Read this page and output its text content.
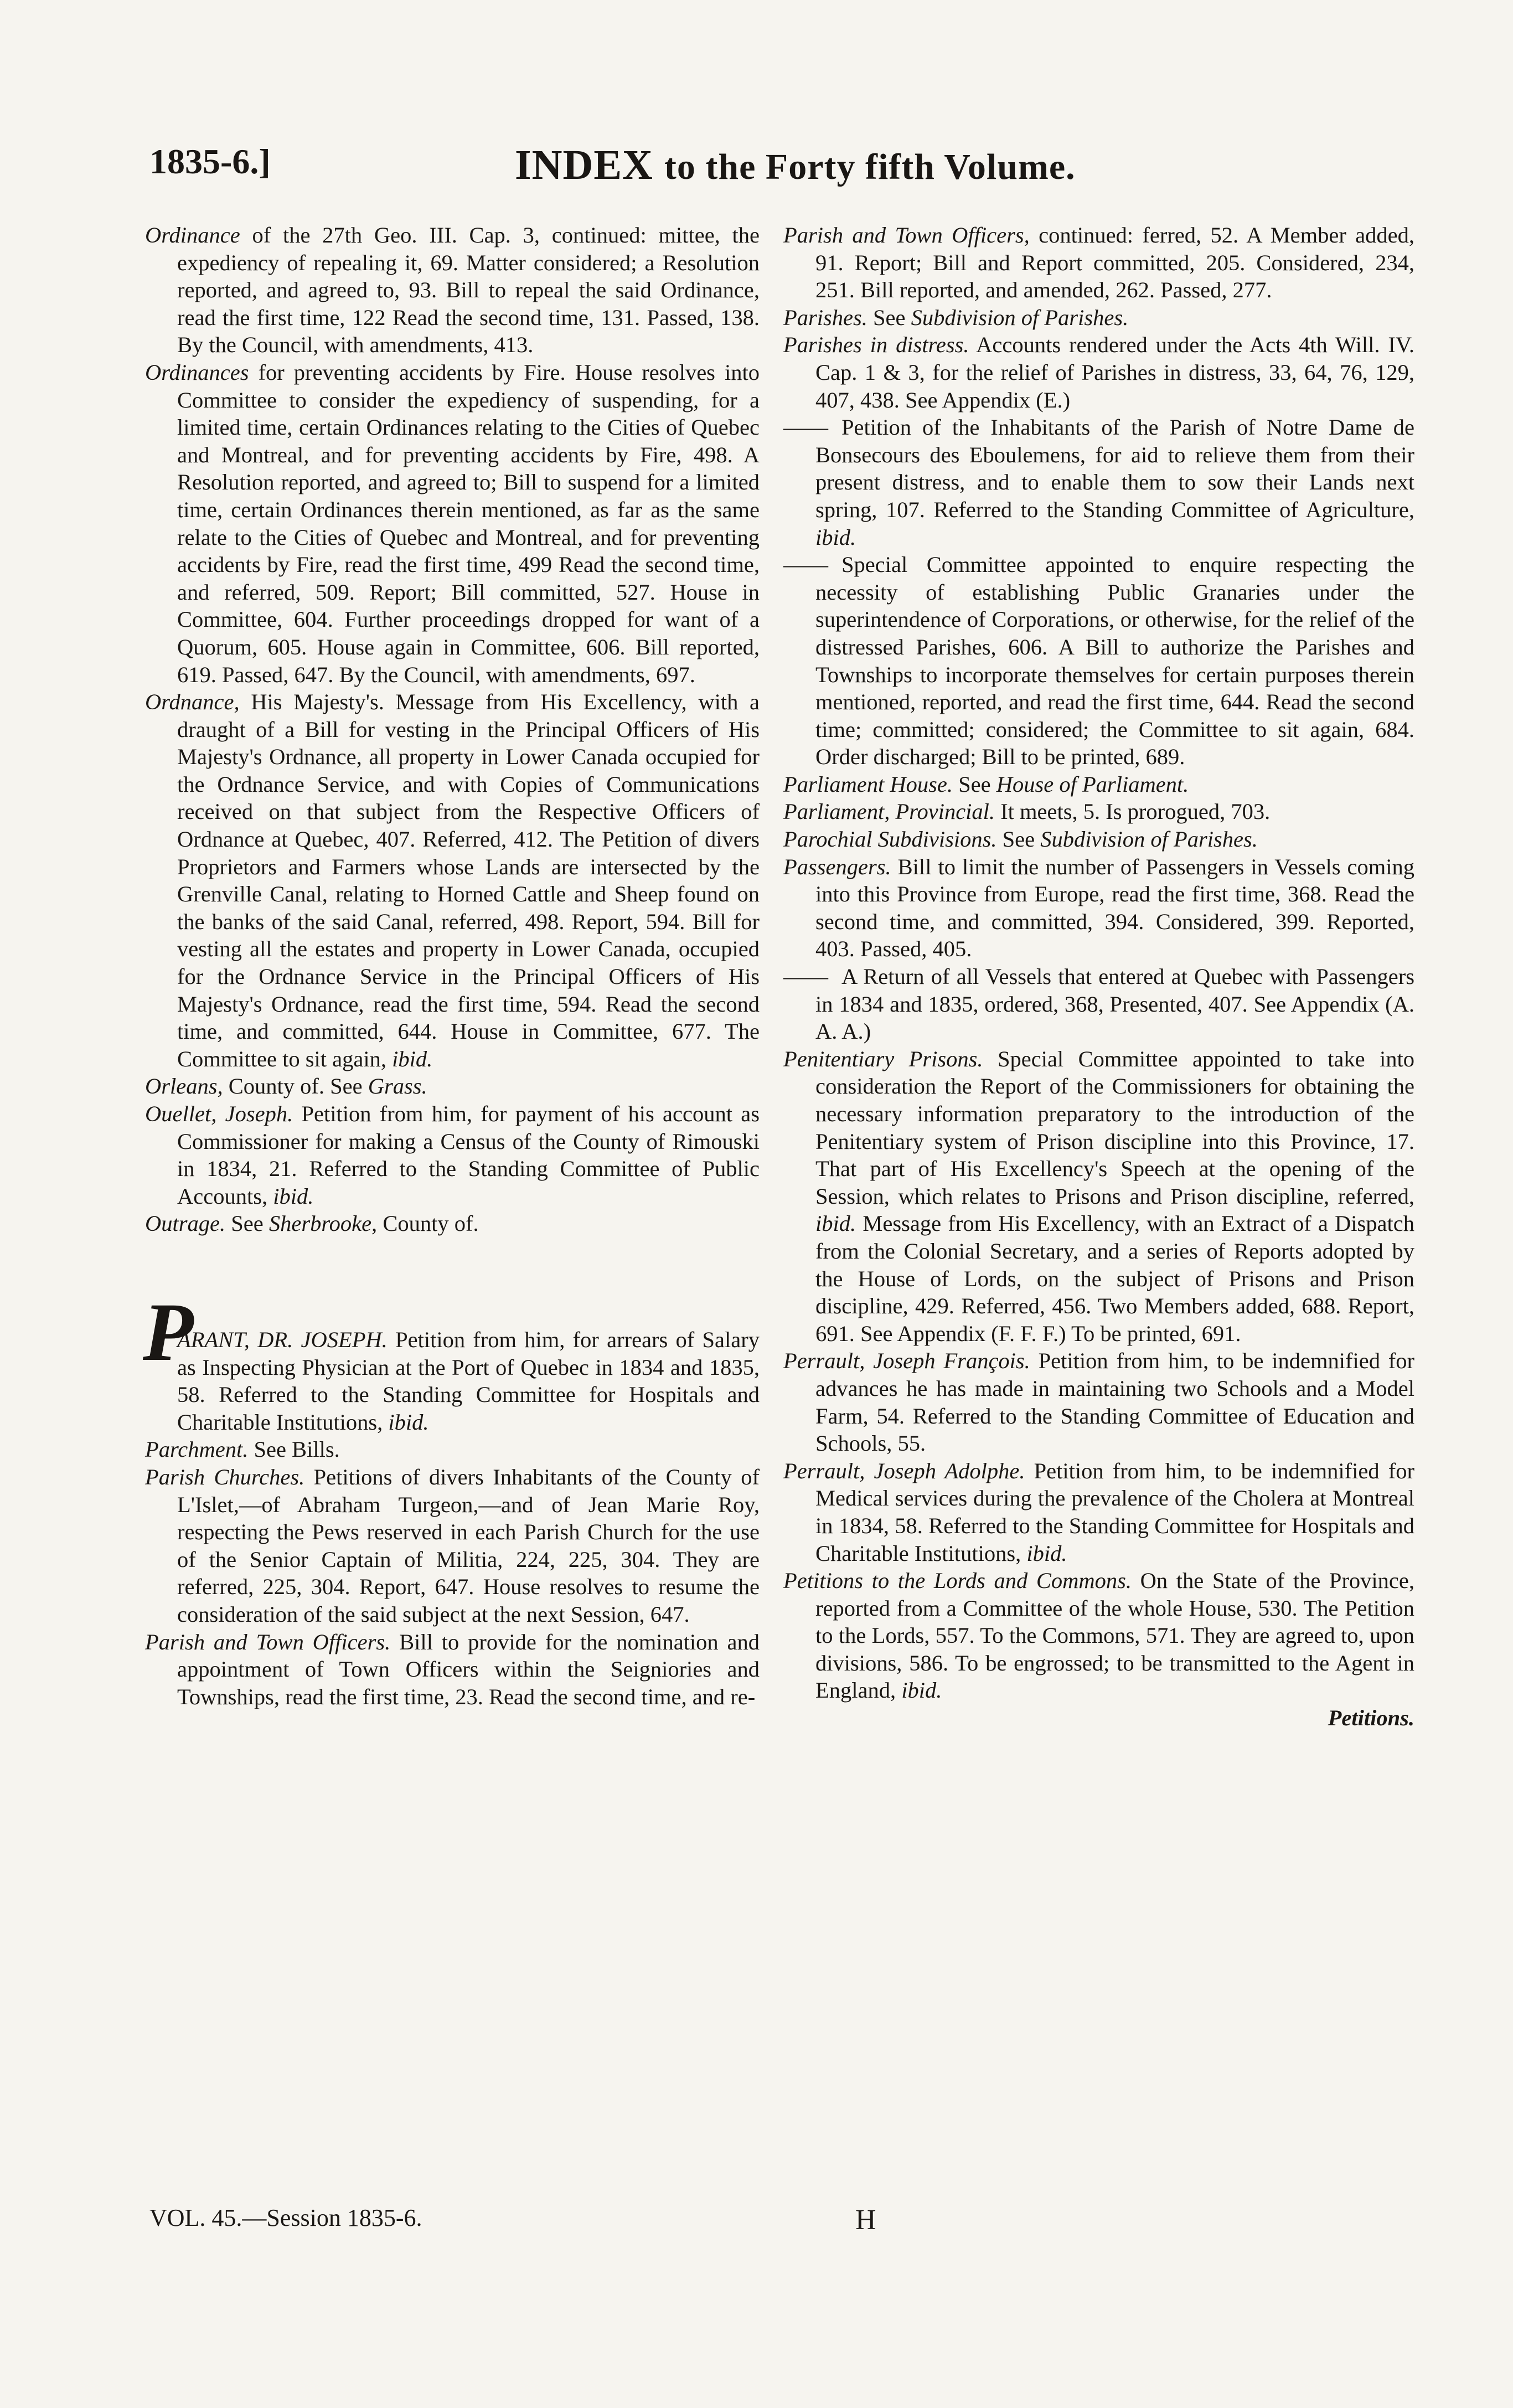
1835-6.]	INDEX to the Forty fifth Volume.

Ordinance of the 27th Geo. III. Cap. 3, continued: mittee, the expediency of repealing it, 69. Matter considered; a Resolution reported, and agreed to, 93. Bill to repeal the said Ordinance, read the first time, 122 Read the second time, 131. Passed, 138. By the Council, with amendments, 413.

Ordinances for preventing accidents by Fire. House resolves into Committee to consider the expediency of suspending, for a limited time, certain Ordinances relating to the Cities of Quebec and Montreal, and for preventing accidents by Fire, 498. A Resolution reported, and agreed to; Bill to suspend for a limited time, certain Ordinances therein mentioned, as far as the same relate to the Cities of Quebec and Montreal, and for preventing accidents by Fire, read the first time, 499 Read the second time, and referred, 509. Report; Bill committed, 527. House in Committee, 604. Further proceedings dropped for want of a Quorum, 605. House again in Committee, 606. Bill reported, 619. Passed, 647. By the Council, with amendments, 697.

Ordnance, His Majesty's. Message from His Excellency, with a draught of a Bill for vesting in the Principal Officers of His Majesty's Ordnance, all property in Lower Canada occupied for the Ordnance Service, and with Copies of Communications received on that subject from the Respective Officers of Ordnance at Quebec, 407. Referred, 412. The Petition of divers Proprietors and Farmers whose Lands are intersected by the Grenville Canal, relating to Horned Cattle and Sheep found on the banks of the said Canal, referred, 498. Report, 594. Bill for vesting all the estates and property in Lower Canada, occupied for the Ordnance Service in the Principal Officers of His Majesty's Ordnance, read the first time, 594. Read the second time, and committed, 644. House in Committee, 677. The Committee to sit again, ibid.

Orleans, County of. See Grass.

Ouellet, Joseph. Petition from him, for payment of his account as Commissioner for making a Census of the County of Rimouski in 1834, 21. Referred to the Standing Committee of Public Accounts, ibid.

Outrage. See Sherbrooke, County of.

P
ARANT, DR. JOSEPH. Petition from him, for arrears of Salary as Inspecting Physician at the Port of Quebec in 1834 and 1835, 58. Referred to the Standing Committee for Hospitals and Charitable Institutions, ibid.

Parchment. See Bills.

Parish Churches. Petitions of divers Inhabitants of the County of L'Islet,—of Abraham Turgeon,—and of Jean Marie Roy, respecting the Pews reserved in each Parish Church for the use of the Senior Captain of Militia, 224, 225, 304. They are referred, 225, 304. Report, 647. House resolves to resume the consideration of the said subject at the next Session, 647.

Parish and Town Officers. Bill to provide for the nomination and appointment of Town Officers within the Seigniories and Townships, read the first time, 23. Read the second time, and re-

Parish and Town Officers, continued: ferred, 52. A Member added, 91. Report; Bill and Report committed, 205. Considered, 234, 251. Bill reported, and amended, 262. Passed, 277.

Parishes. See Subdivision of Parishes.

Parishes in distress. Accounts rendered under the Acts 4th Will. IV. Cap. 1 & 3, for the relief of Parishes in distress, 33, 64, 76, 129, 407, 438. See Appendix (E.)

—— Petition of the Inhabitants of the Parish of Notre Dame de Bonsecours des Eboulemens, for aid to relieve them from their present distress, and to enable them to sow their Lands next spring, 107. Referred to the Standing Committee of Agriculture, ibid.

—— Special Committee appointed to enquire respecting the necessity of establishing Public Granaries under the superintendence of Corporations, or otherwise, for the relief of the distressed Parishes, 606. A Bill to authorize the Parishes and Townships to incorporate themselves for certain purposes therein mentioned, reported, and read the first time, 644. Read the second time; committed; considered; the Committee to sit again, 684. Order discharged; Bill to be printed, 689.

Parliament House. See House of Parliament.

Parliament, Provincial. It meets, 5. Is prorogued, 703.

Parochial Subdivisions. See Subdivision of Parishes.

Passengers. Bill to limit the number of Passengers in Vessels coming into this Province from Europe, read the first time, 368. Read the second time, and committed, 394. Considered, 399. Reported, 403. Passed, 405.

—— A Return of all Vessels that entered at Quebec with Passengers in 1834 and 1835, ordered, 368, Presented, 407. See Appendix (A. A. A.)

Penitentiary Prisons. Special Committee appointed to take into consideration the Report of the Commissioners for obtaining the necessary information preparatory to the introduction of the Penitentiary system of Prison discipline into this Province, 17. That part of His Excellency's Speech at the opening of the Session, which relates to Prisons and Prison discipline, referred, ibid. Message from His Excellency, with an Extract of a Dispatch from the Colonial Secretary, and a series of Reports adopted by the House of Lords, on the subject of Prisons and Prison discipline, 429. Referred, 456. Two Members added, 688. Report, 691. See Appendix (F. F. F.) To be printed, 691.

Perrault, Joseph François. Petition from him, to be indemnified for advances he has made in maintaining two Schools and a Model Farm, 54. Referred to the Standing Committee of Education and Schools, 55.

Perrault, Joseph Adolphe. Petition from him, to be indemnified for Medical services during the prevalence of the Cholera at Montreal in 1834, 58. Referred to the Standing Committee for Hospitals and Charitable Institutions, ibid.

Petitions to the Lords and Commons. On the State of the Province, reported from a Committee of the whole House, 530. The Petition to the Lords, 557. To the Commons, 571. They are agreed to, upon divisions, 586. To be engrossed; to be transmitted to the Agent in England, ibid.

Petitions.
VOL. 45.—Session 1835-6.	H
